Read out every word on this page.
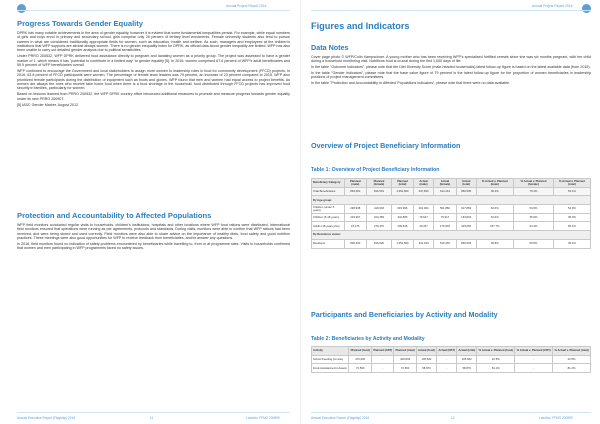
Annual Project Report 2016
Progress Towards Gender Equality

DPRK has many notable achievements in the area of gender equality, however it is evident that some fundamental inequalities persist. For example, while equal numbers of girls and boys enrol in primary and secondary school, girls comprise only 26 percent of tertiary level enrolments. Female university students also tend to pursue careers in what are considered traditionally appropriate fields for women, such as education, health and welfare. As such, managers and employees at the children's institutions that WFP supports are almost always women. There is no gender inequality index for DPRK, as official data about gender inequality are limited. WFP has also been unable to carry out detailed gender analysis due to political sensitivities.

Under PRRO 200532, WFP DPRK delivered food assistance directly to pregnant and lactating women as a priority group. The project was assessed to have a gender marker of 1, which means it has "potential to contribute in a limited way" to gender equality [5]. In 2016, women comprised 67.6 percent of WFP's adult beneficiaries and 59.5 percent of WFP beneficiaries overall.

WFP continued to encourage the Government and local stakeholders to assign more women to leadership roles in food for community development (FFCD) projects. In 2016, 63.8 percent of FFCD participants were women. The percentage of female team leaders was 79 percent, an increase of 23 percent compared to 2015. WFP also prioritized female participants during the distribution of equipment such as boots and gloves. WFP found that men and women had equal access to project benefits. As women are always the ones who receive take home food when there is a food shortage in the household, food distributed through FFCD projects has improved food security in families, particularly for women.

Based on lessons learned from PRRO 200532, the WFP DPRK country office introduced additional measures to promote and measure progress towards gender equality under its new PRRO 200907.

[5] IASC Gender Marker, August 2012.

Protection and Accountability to Affected Populations

WFP field monitors conducted regular visits to households, children's institutions, hospitals and other locations where WFP food rations were distributed. International field monitors ensured that operations were running as per agreements, protocols and standards. During visits, monitors were able to confirm that WFP rations had been received, and were being stored and used correctly. Field monitors were also able to share advice on the importance of healthy diets, food safety and good nutrition practices. These meetings were also good opportunities for WFP to receive feedback from beneficiaries, and/or answer any questions.

In 2016, field monitors found no indication of safety problems encountered by beneficiaries while travelling to, from or at programme sites. Visits to households confirmed that women and men participating in WFP programmes faced no safety issues.

Annual Executive Report (Flagship) 2016	11	Lesotho, FFMO 200599
Annual Project Report 2016
Figures and Indicators
Data Notes

Cover page photo © WFP/Colin Kampschoer. A young mother who has been receiving WFP's specialised fortified cereals since she was six months pregnant, with her child during a household monitoring visit. Nutritious food is crucial during the first 1,000 days of life.

In the table "Outcome Indicators", please note that the Diet Diversity Score (male-headed households) latest follow-up figure is based on the latest available data (from 2015).

In the table "Gender Indicators", please note that the base value figure of 79 percent is the latest follow-up figure for the proportion of women beneficiaries in leadership positions of project management committees.

In the table "Protection and Accountability to Affected Populations Indicators", please note that there were no data available.

Overview of Project Beneficiary Information
Table 1: Overview of Project Beneficiary Information
Beneficiary Category	Planned (male)	Planned (female)	Planned (total)	Actual (male)	Actual (female)	Actual (total)	% Actual v. Planned (male)	% Actual v. Planned (female)	% Actual v. Planned (total)
Total Beneficiaries	836,300	816,519	1,652,820	247,693	614,244	860,935	30.2%	75.2%	52.1%
By Age-group:									
Children (under 5 years)	298,938	419,933	615,996	291,064	501,882	917,869	62.6%	53.6%	54.3%
Children (5-18 years)	219,997	224,369	442,886	79,917	79,917	163,834	62.6%	35.6%	35.3%
Adults (18 years plus)	16,476	279,470	299,925	29,347	179,933	403,050	157.7%	64.4%	65.1%
By Residence status:									
Residents	836,300	816,520	1,652,820	341,193	519,332	860,935	30.8%	59.5%	35.4%
Participants and Beneficiaries by Activity and Modality
Table 2: Beneficiaries by Activity and Modality
Activity	Planned (food)	Planned (CBT)	Planned (total)	Actual (food)	Actual (CBT)	Actual (total)	% Actual v. Planned (food)	% Actual v. Planned (CBT)	% Actual v. Planned (total)
School Feeding (on-site)	470,000	-	429,833	105,842	-	105,842	22.5%	-	22.5%
Food-Assistance-for-Assets	72,500	-	72,500	58,870	-	58,870	81.2%	-	81.2%
Annual Executive Report (Flagship) 2016	12	Lesotho, FFMO 200599
